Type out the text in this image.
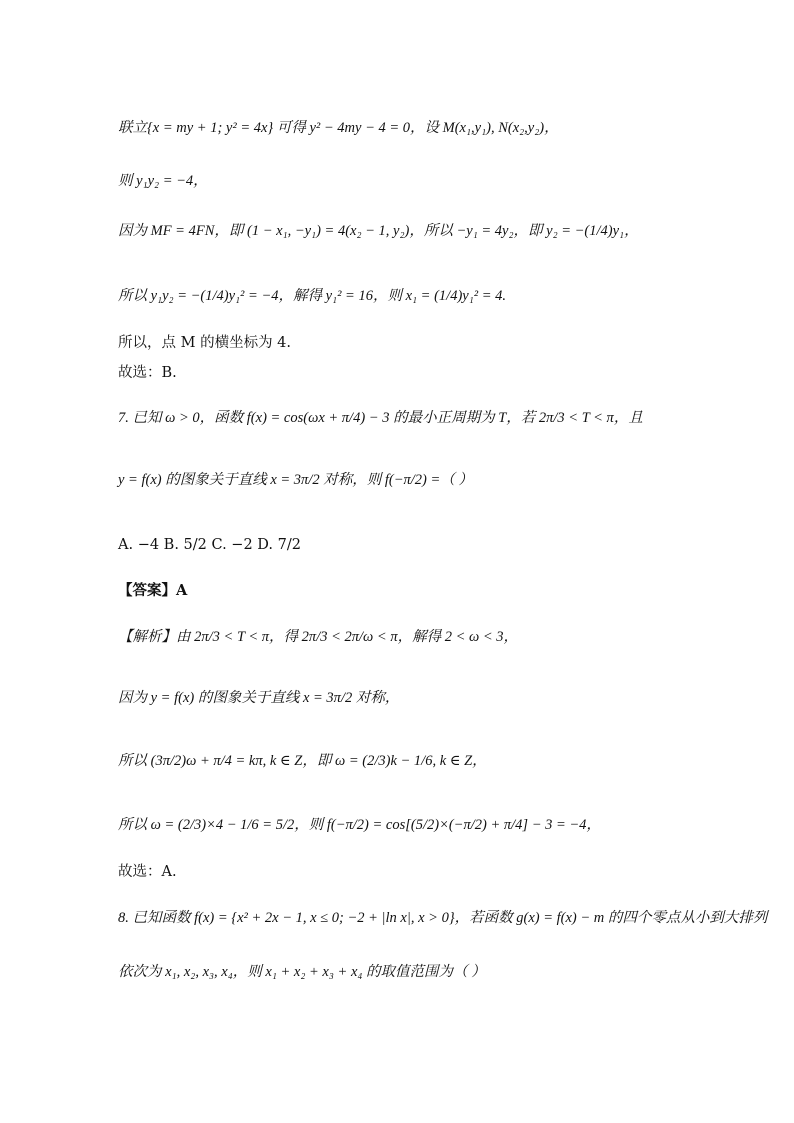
联立{x = my + 1; y² = 4x} 可得 y² − 4my − 4 = 0，设 M(x₁,y₁), N(x₂,y₂)，
则 y₁y₂ = −4，
因为 MF = 4FN，即 (1 − x₁, −y₁) = 4(x₂ − 1, y₂)，所以 −y₁ = 4y₂，即 y₂ = −(1/4)y₁，
所以 y₁y₂ = −(1/4)y₁² = −4，解得 y₁² = 16，则 x₁ = (1/4)y₁² = 4.
所以，点 M 的横坐标为 4.
故选：B.
7. 已知 ω > 0，函数 f(x) = cos(ωx + π/4) − 3 的最小正周期为 T，若 2π/3 < T < π，且
y = f(x) 的图象关于直线 x = 3π/2 对称，则 f(−π/2) =（ ）
A. −4 B. 5/2 C. −2 D. 7/2
【答案】A
【解析】由 2π/3 < T < π，得 2π/3 < 2π/ω < π，解得 2 < ω < 3，
因为 y = f(x) 的图象关于直线 x = 3π/2 对称，
所以 (3π/2)ω + π/4 = kπ, k ∈ Z，即 ω = (2/3)k − 1/6, k ∈ Z，
所以 ω = (2/3)×4 − 1/6 = 5/2，则 f(−π/2) = cos[(5/2)×(−π/2) + π/4] − 3 = −4，
故选：A.
8. 已知函数 f(x) = {x² + 2x − 1, x ≤ 0; −2 + |ln x|, x > 0}，若函数 g(x) = f(x) − m 的四个零点从小到大排列
依次为 x₁, x₂, x₃, x₄，则 x₁ + x₂ + x₃ + x₄ 的取值范围为（ ）
